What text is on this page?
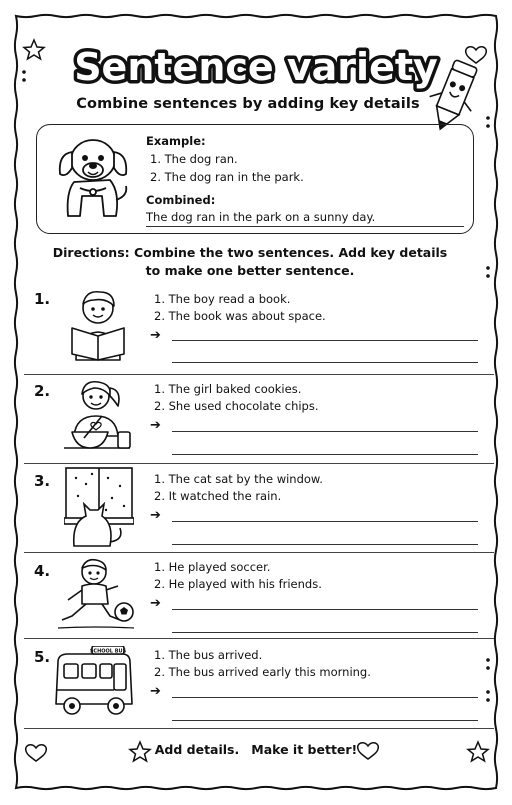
Sentence variety
Combine sentences by adding key details
Example:
1. The dog ran.
2. The dog ran in the park.
Combined:
The dog ran in the park on a sunny day.
Directions: Combine the two sentences. Add key details
to make one better sentence.
1.	1. The boy read a book.
2. The book was about space.
➔
2.	1. The girl baked cookies.
2. She used chocolate chips.
➔
3.	1. The cat sat by the window.
2. It watched the rain.
➔
4.	1. He played soccer.
2. He played with his friends.
➔
5.	SCHOOL BUS 1. The bus arrived.
2. The bus arrived early this morning.
➔
Add details. Make it better!
